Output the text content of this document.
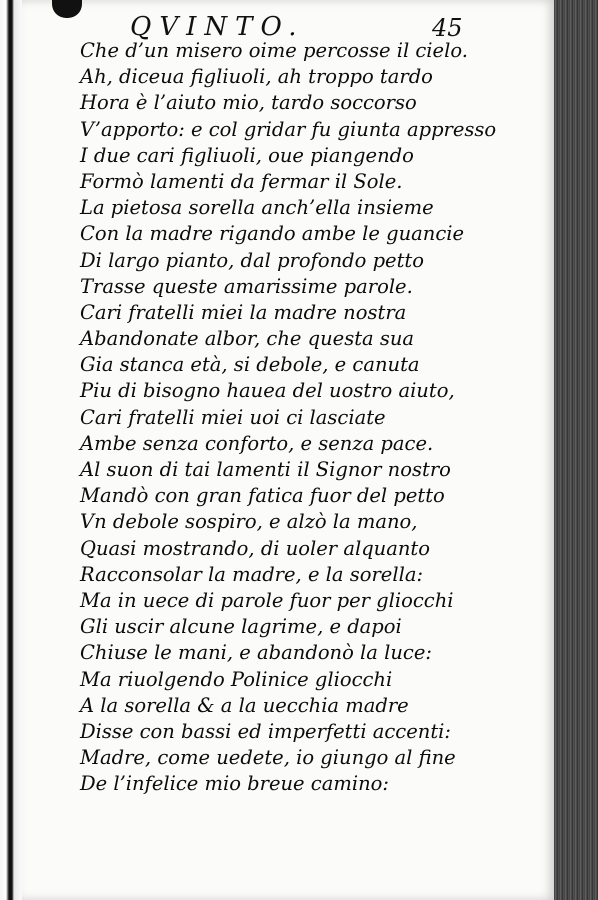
QVINTO.	45
Che d’un misero oime percosse il cielo.
Ah, diceua figliuoli, ah troppo tardo
Hora è l’aiuto mio, tardo soccorso
V’apporto: e col gridar fu giunta appresso
I due cari figliuoli, oue piangendo
Formò lamenti da fermar il Sole.
La pietosa sorella anch’ella insieme
Con la madre rigando ambe le guancie
Di largo pianto, dal profondo petto
Trasse queste amarissime parole.
Cari fratelli miei la madre nostra
Abandonate albor, che questa sua
Gia stanca età, si debole, e canuta
Piu di bisogno hauea del uostro aiuto,
Cari fratelli miei uoi ci lasciate
Ambe senza conforto, e senza pace.
Al suon di tai lamenti il Signor nostro
Mandò con gran fatica fuor del petto
Vn debole sospiro, e alzò la mano,
Quasi mostrando, di uoler alquanto
Racconsolar la madre, e la sorella:
Ma in uece di parole fuor per gliocchi
Gli uscir alcune lagrime, e dapoi
Chiuse le mani, e abandonò la luce:
Ma riuolgendo Polinice gliocchi
A la sorella & a la uecchia madre
Disse con bassi ed imperfetti accenti:
Madre, come uedete, io giungo al fine
De l’infelice mio breue camino:
